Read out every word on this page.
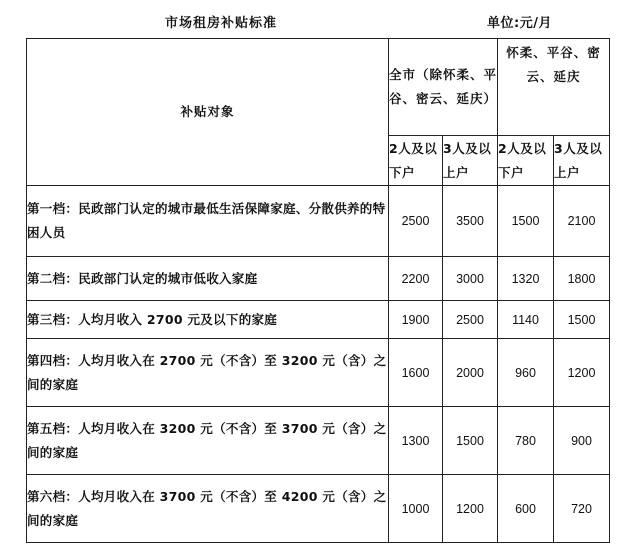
市场租房补贴标准	单位:元/月
补贴对象	全市（除怀柔、平谷、密云、延庆）		怀柔、平谷、密云、延庆	
	2人及以下户	3人及以上户	2人及以下户	3人及以上户
第一档：民政部门认定的城市最低生活保障家庭、分散供养的特困人员	2500	3500	1500	2100
第二档：民政部门认定的城市低收入家庭	2200	3000	1320	1800
第三档：人均月收入 2700 元及以下的家庭	1900	2500	1140	1500
第四档：人均月收入在 2700 元（不含）至 3200 元（含）之间的家庭	1600	2000	960	1200
第五档：人均月收入在 3200 元（不含）至 3700 元（含）之间的家庭	1300	1500	780	900
第六档：人均月收入在 3700 元（不含）至 4200 元（含）之间的家庭	1000	1200	600	720
